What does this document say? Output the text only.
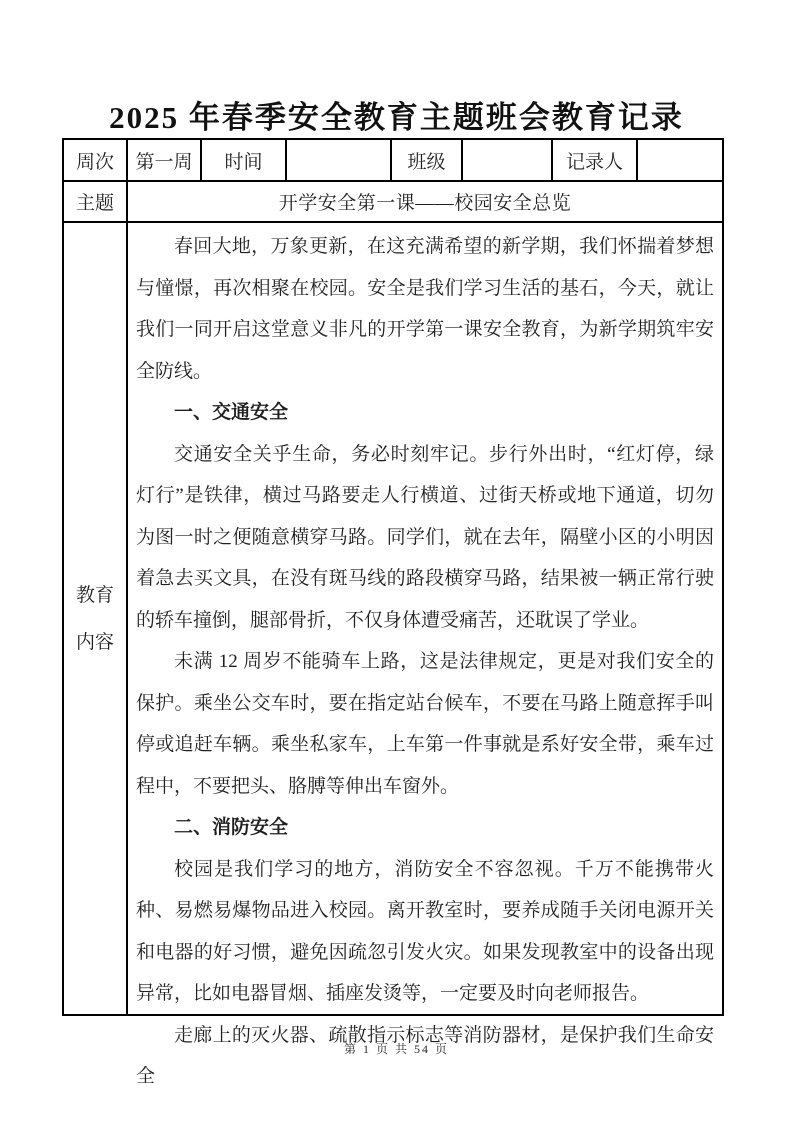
2025 年春季安全教育主题班会教育记录
周次	第一周	时间		班级		记录人	
主题	开学安全第一课——校园安全总览						

教育
内容

春回大地，万象更新，在这充满希望的新学期，我们怀揣着梦想与憧憬，再次相聚在校园。安全是我们学习生活的基石，今天，就让我们一同开启这堂意义非凡的开学第一课安全教育，为新学期筑牢安全防线。

一、交通安全

交通安全关乎生命，务必时刻牢记。步行外出时，“红灯停，绿灯行”是铁律，横过马路要走人行横道、过街天桥或地下通道，切勿为图一时之便随意横穿马路。同学们，就在去年，隔壁小区的小明因着急去买文具，在没有斑马线的路段横穿马路，结果被一辆正常行驶的轿车撞倒，腿部骨折，不仅身体遭受痛苦，还耽误了学业。

未满 12 周岁不能骑车上路，这是法律规定，更是对我们安全的保护。乘坐公交车时，要在指定站台候车，不要在马路上随意挥手叫停或追赶车辆。乘坐私家车，上车第一件事就是系好安全带，乘车过程中，不要把头、胳膊等伸出车窗外。

二、消防安全

校园是我们学习的地方，消防安全不容忽视。千万不能携带火种、易燃易爆物品进入校园。离开教室时，要养成随手关闭电源开关和电器的好习惯，避免因疏忽引发火灾。如果发现教室中的设备出现异常，比如电器冒烟、插座发烫等，一定要及时向老师报告。

走廊上的灭火器、疏散指示标志等消防器材，是保护我们生命安全

第 1 页 共 54 页
